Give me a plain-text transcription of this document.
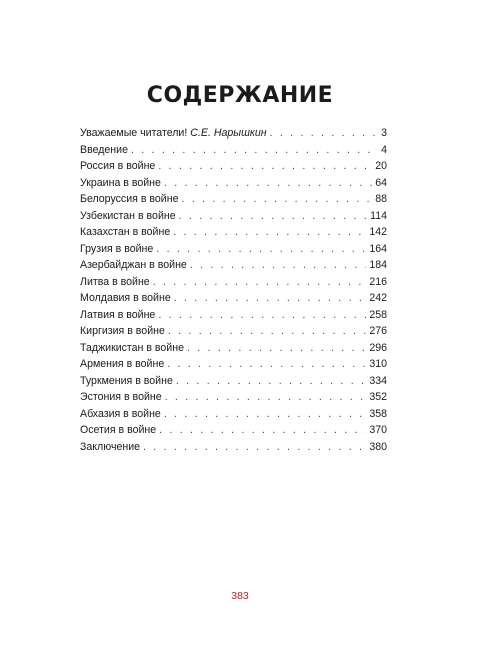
СОДЕРЖАНИЕ
Уважаемые читатели! С.Е. Нарышкин . . .	3
Введение . . .	4
Россия в войне . . .	20
Украина в войне . . .	64
Белоруссия в войне . . .	88
Узбекистан в войне . . .	114
Казахстан в войне . . .	142
Грузия в войне . . .	164
Азербайджан в войне . . .	184
Литва в войне . . .	216
Молдавия в войне . . .	242
Латвия в войне . . .	258
Киргизия в войне . . .	276
Таджикистан в войне . . .	296
Армения в войне . . .	310
Туркмения в войне . . .	334
Эстония в войне . . .	352
Абхазия в войне . . .	358
Осетия в войне . . .	370
Заключение . . .	380
383
